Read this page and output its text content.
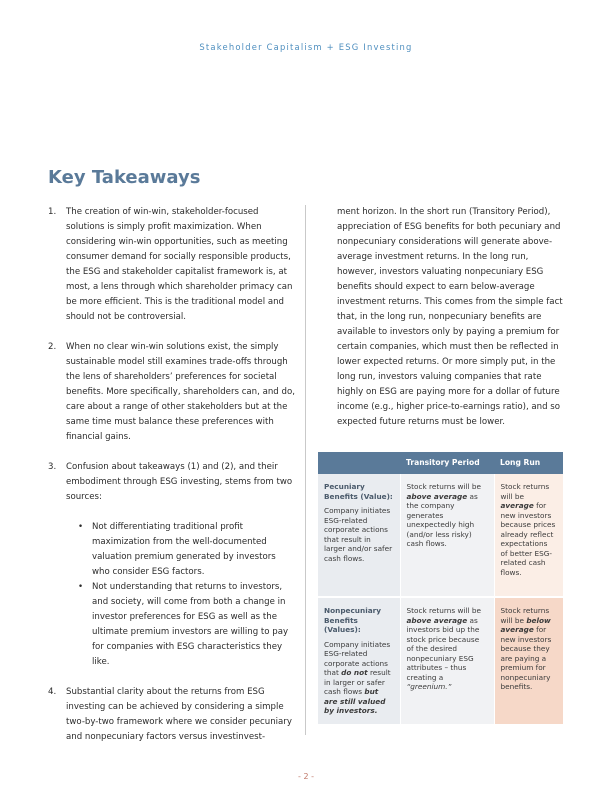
Stakeholder Capitalism + ESG Investing
Key Takeaways
1.	The creation of win-win, stakeholder-focused solutions is simply profit maximization. When considering win-win opportunities, such as meeting consumer demand for socially responsible products, the ESG and stakeholder capitalist framework is, at most, a lens through which shareholder primacy can be more efficient. This is the traditional model and should not be controversial.
2.	When no clear win-win solutions exist, the simply sustainable model still examines trade-offs through the lens of shareholders’ preferences for societal benefits. More specifically, shareholders can, and do, care about a range of other stakeholders but at the same time must balance these preferences with financial gains.
3.	Confusion about takeaways (1) and (2), and their embodiment through ESG investing, stems from two sources:
•	Not differentiating traditional profit maximization from the well-documented valuation premium generated by investors who consider ESG factors.
•	Not understanding that returns to investors, and society, will come from both a change in investor preferences for ESG as well as the ultimate premium investors are willing to pay for companies with ESG characteristics they like.
4.	Substantial clarity about the returns from ESG investing can be achieved by considering a simple two-by-two framework where we consider pecuniary and nonpecuniary factors versus investinvest-
ment horizon. In the short run (Transitory Period), appreciation of ESG benefits for both pecuniary and nonpecuniary considerations will generate above-average investment returns. In the long run, however, investors valuating nonpecuniary ESG benefits should expect to earn below-average investment returns. This comes from the simple fact that, in the long run, nonpecuniary benefits are available to investors only by paying a premium for certain companies, which must then be reflected in lower expected returns. Or more simply put, in the long run, investors valuing companies that rate highly on ESG are paying more for a dollar of future income (e.g., higher price-to-earnings ratio), and so expected future returns must be lower.
	Transitory Period	Long Run

Pecuniary Benefits (Value):
Company initiates ESG-related corporate actions that result in larger and/or safer cash flows.	Stock returns will be above average as the company generates unexpectedly high (and/or less risky) cash flows.	Stock returns will be average for new investors because prices already reflect expectations of better ESG-related cash flows.

Nonpecuniary Benefits (Values):
Company initiates ESG-related corporate actions that do not result in larger or safer cash flows but are still valued by investors.	Stock returns will be above average as investors bid up the stock price because of the desired nonpecuniary ESG attributes – thus creating a “greenium.”	Stock returns will be below average for new investors because they are paying a premium for nonpecuniary benefits.
- 2 -
